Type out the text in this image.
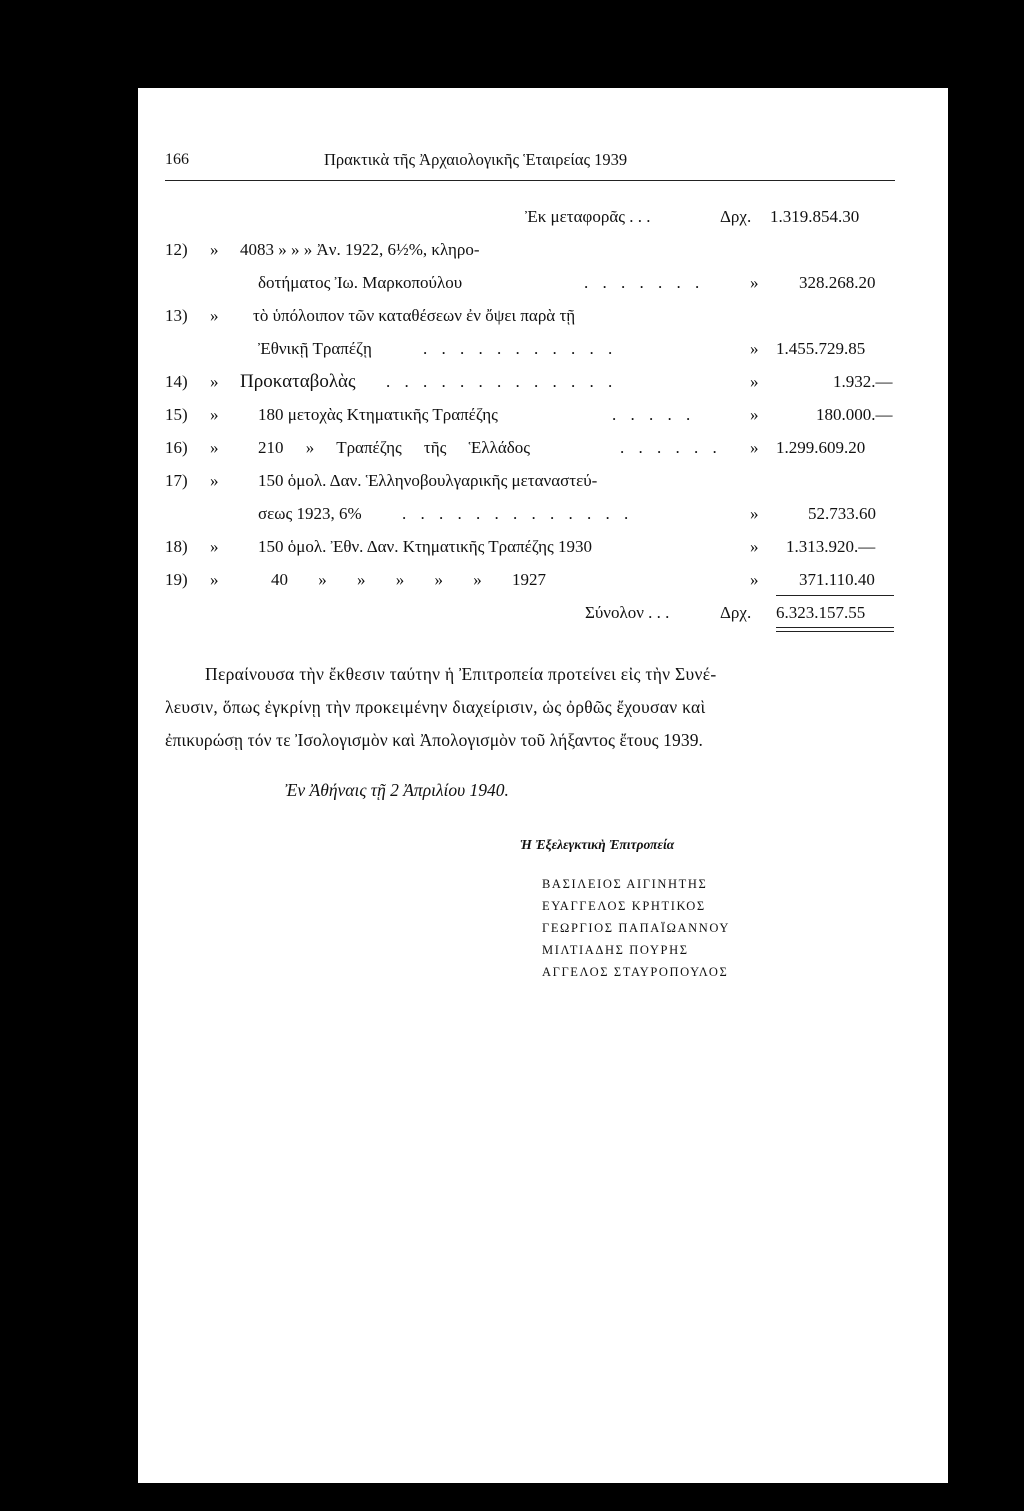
166	Πρακτικὰ τῆς Ἀρχαιολογικῆς Ἑταιρείας 1939
Ἐκ μεταφορᾶς . . .	Δρχ. 1.319.854.30
12) » 4083 » » » Ἀν. 1922, 6½%, κληρο-
δοτήματος Ἰω. Μαρκοπούλου	. . . . . . .	» 328.268.20
13) » τὸ ὑπόλοιπον τῶν καταθέσεων ἐν ὄψει παρὰ τῇ
Ἐθνικῇ Τραπέζῃ	. . . . . . . . . . .	» 1.455.729.85
14) » Προκαταβολὰς . . . . . . . . . . . . .	»	1.932.—
15) » 180 μετοχὰς Κτηματικῆς Τραπέζης	. . . . .	»	180.000.—
16) » 210 » Τραπέζης τῆς Ἑλλάδος	. . . . . . » 1.299.609.20
17) » 150 ὁμολ. Δαν. Ἑλληνοβουλγαρικῆς μεταναστεύ-
σεως 1923, 6% . . . . . . . . . . . . .	»	52.733.60
18) » 150 ὁμολ. Ἐθν. Δαν. Κτηματικῆς Τραπέζης 1930	» 1.313.920.—
19) »	40 » » » » » 1927	» 371.110.40
Σύνολον . . .	Δρχ. 6.323.157.55
Περαίνουσα τὴν ἔκθεσιν ταύτην ἡ Ἐπιτροπεία προτείνει εἰς τὴν Συνέ-
λευσιν, ὅπως ἐγκρίνῃ τὴν προκειμένην διαχείρισιν, ὡς ὀρθῶς ἔχουσαν καὶ
ἐπικυρώσῃ τόν τε Ἰσολογισμὸν καὶ Ἀπολογισμὸν τοῦ λήξαντος ἔτους 1939.
Ἐν Ἀθήναις τῇ 2 Ἀπριλίου 1940.
Ἡ Ἐξελεγκτικὴ Ἐπιτροπεία
ΒΑΣΙΛΕΙΟΣ ΑΙΓΙΝΗΤΗΣ
ΕΥΑΓΓΕΛΟΣ ΚΡΗΤΙΚΟΣ
ΓΕΩΡΓΙΟΣ ΠΑΠΑΪΩΑΝΝΟΥ
ΜΙΛΤΙΑΔΗΣ ΠΟΥΡΗΣ
ΑΓΓΕΛΟΣ ΣΤΑΥΡΟΠΟΥΛΟΣ
